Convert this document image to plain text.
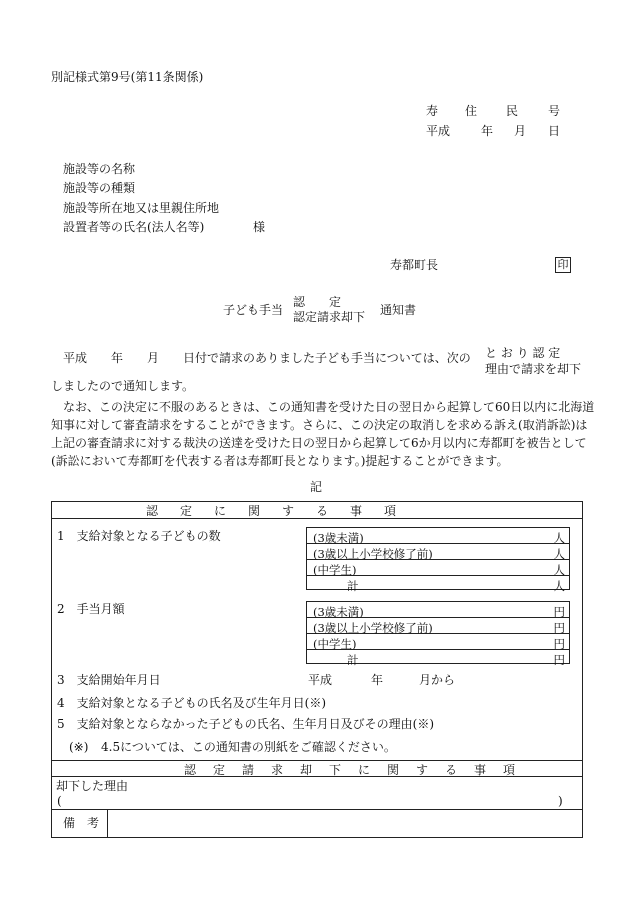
別記様式第9号(第11条関係)
寿 住 民 号
平成	年 月 日
施設等の名称
施設等の種類
施設等所在地又は里親住所地
設置者等の氏名(法人名等)	様
寿都町長	印
子ども手当
認　　定
認定請求却下 通知書
平成　　年　　月　　日付で請求のありました子ども手当については、次の と お り 認 定
理由で請求を却下
しましたので通知します。
なお、この決定に不服のあるときは、この通知書を受けた日の翌日から起算して60日以内に北海道
知事に対して審査請求をすることができます。さらに、この決定の取消しを求める訴え(取消訴訟)は
上記の審査請求に対する裁決の送達を受けた日の翌日から起算して6か月以内に寿都町を被告として
(訴訟において寿都町を代表する者は寿都町長となります。)提起することができます。
記
認定に関する事項
1　支給対象となる子どもの数	(3歳未満)	人
(3歳以上小学校修了前)	人
(中学生)	人
計	人
2　手当月額	(3歳未満)	円
(3歳以上小学校修了前)	円
(中学生)	円
計	円
3　支給開始年月日	平成	年	月から
4　支給対象となる子どもの氏名及び生年月日(※)
5　支給対象とならなかった子どもの氏名、生年月日及びその理由(※)
(※) 4.5については、この通知書の別紙をご確認ください。
認定請求却下に関する事項
却下した理由
(	)
備　考
